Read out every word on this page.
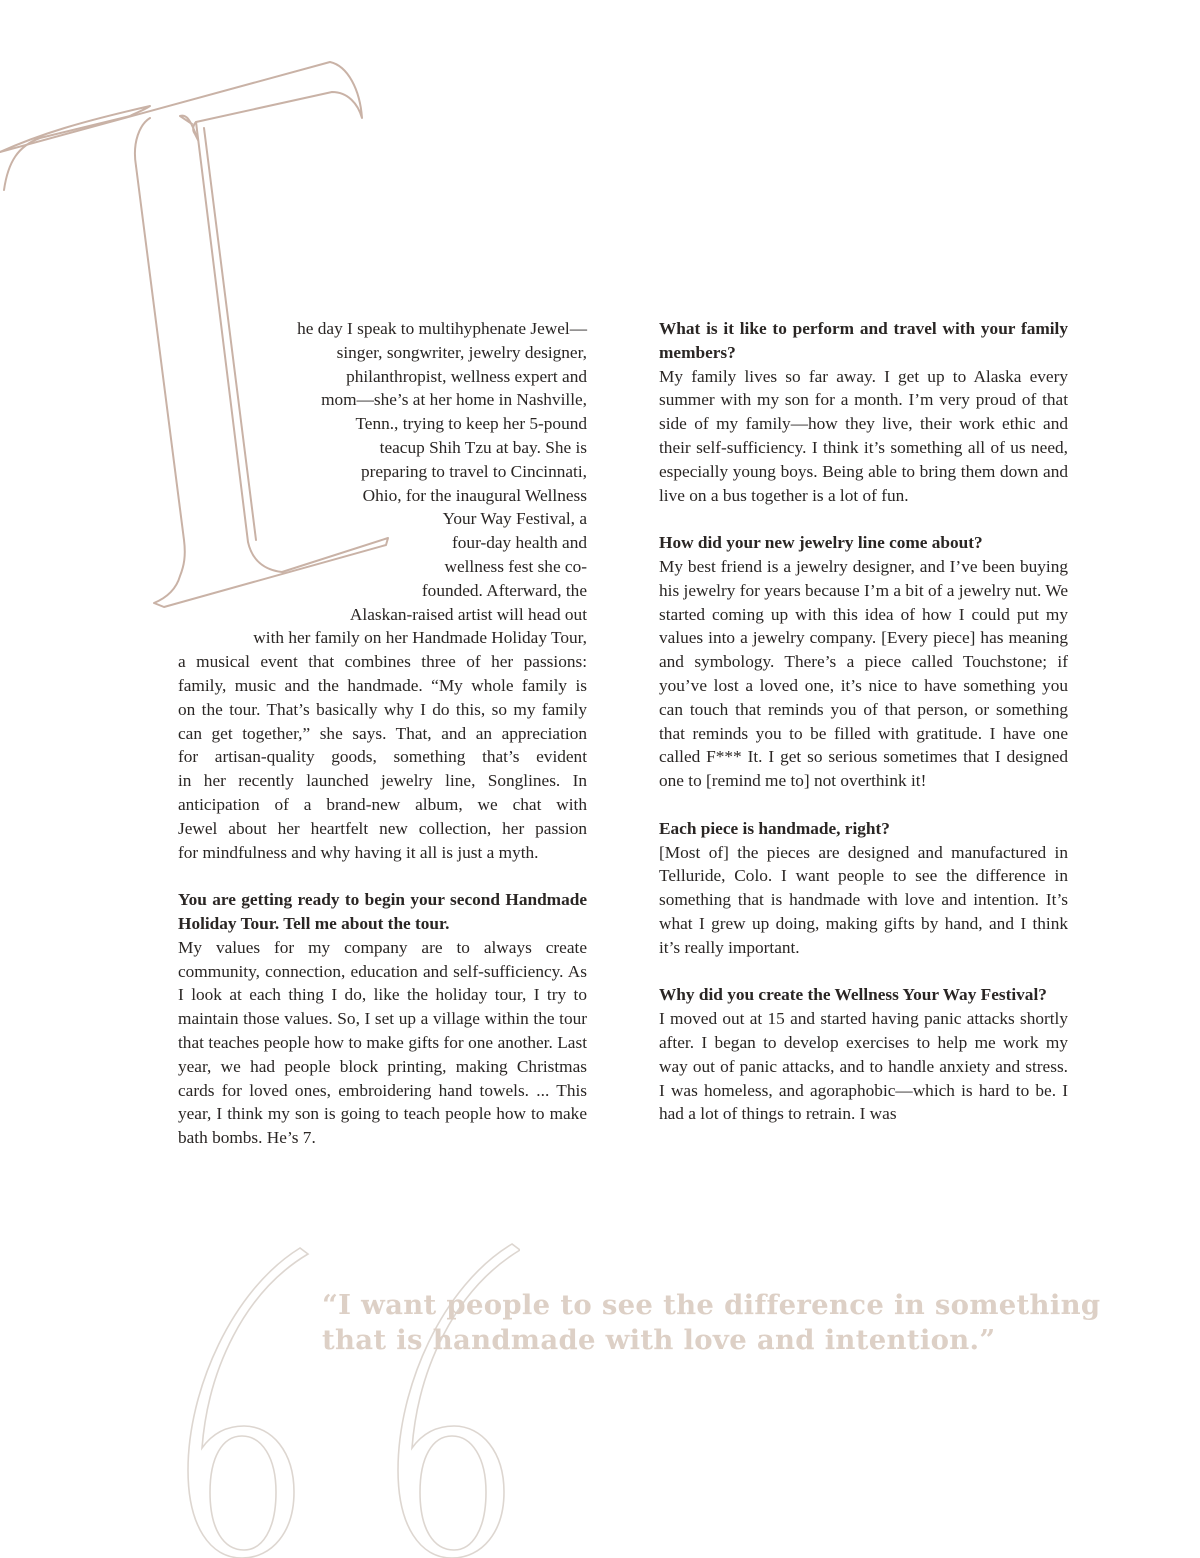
he day I speak to multihyphenate Jewel—
singer, songwriter, jewelry designer,
philanthropist, wellness expert and
mom—she’s at her home in Nashville,
Tenn., trying to keep her 5-pound
teacup Shih Tzu at bay. She is
preparing to travel to Cincinnati,
Ohio, for the inaugural Wellness
Your Way Festival, a
four-day health and
wellness fest she co-
founded. Afterward, the
Alaskan-raised artist will head out
with her family on her Handmade Holiday Tour,
a musical event that combines three of her passions:
family, music and the handmade. “My whole family is
on the tour. That’s basically why I do this, so my family
can get together,” she says. That, and an appreciation
for artisan-quality goods, something that’s evident
in her recently launched jewelry line, Songlines. In
anticipation of a brand-new album, we chat with
Jewel about her heartfelt new collection, her passion
for mindfulness and why having it all is just a myth.

You are getting ready to begin your second Handmade Holiday Tour. Tell me about the tour.

My values for my company are to always create community, connection, education and self-sufficiency. As I look at each thing I do, like the holiday tour, I try to maintain those values. So, I set up a village within the tour that teaches people how to make gifts for one another. Last year, we had people block printing, making Christmas cards for loved ones, embroidering hand towels. ... This year, I think my son is going to teach people how to make bath bombs. He’s 7.

What is it like to perform and travel with your family members?

My family lives so far away. I get up to Alaska every summer with my son for a month. I’m very proud of that side of my family—how they live, their work ethic and their self-sufficiency. I think it’s something all of us need, especially young boys. Being able to bring them down and live on a bus together is a lot of fun.

How did your new jewelry line come about?

My best friend is a jewelry designer, and I’ve been buying his jewelry for years because I’m a bit of a jewelry nut. We started coming up with this idea of how I could put my values into a jewelry company. [Every piece] has meaning and symbology. There’s a piece called Touchstone; if you’ve lost a loved one, it’s nice to have something you can touch that reminds you of that person, or something that reminds you to be filled with gratitude. I have one called F*** It. I get so serious sometimes that I designed one to [remind me to] not overthink it!

Each piece is handmade, right?

[Most of] the pieces are designed and manufactured in Telluride, Colo. I want people to see the difference in something that is handmade with love and intention. It’s what I grew up doing, making gifts by hand, and I think it’s really important.

Why did you create the Wellness Your Way Festival?

I moved out at 15 and started having panic attacks shortly after. I began to develop exercises to help me work my way out of panic attacks, and to handle anxiety and stress. I was homeless, and agoraphobic—which is hard to be. I had a lot of things to retrain. I was

“I want people to see the difference in something
that is handmade with love and intention.”
